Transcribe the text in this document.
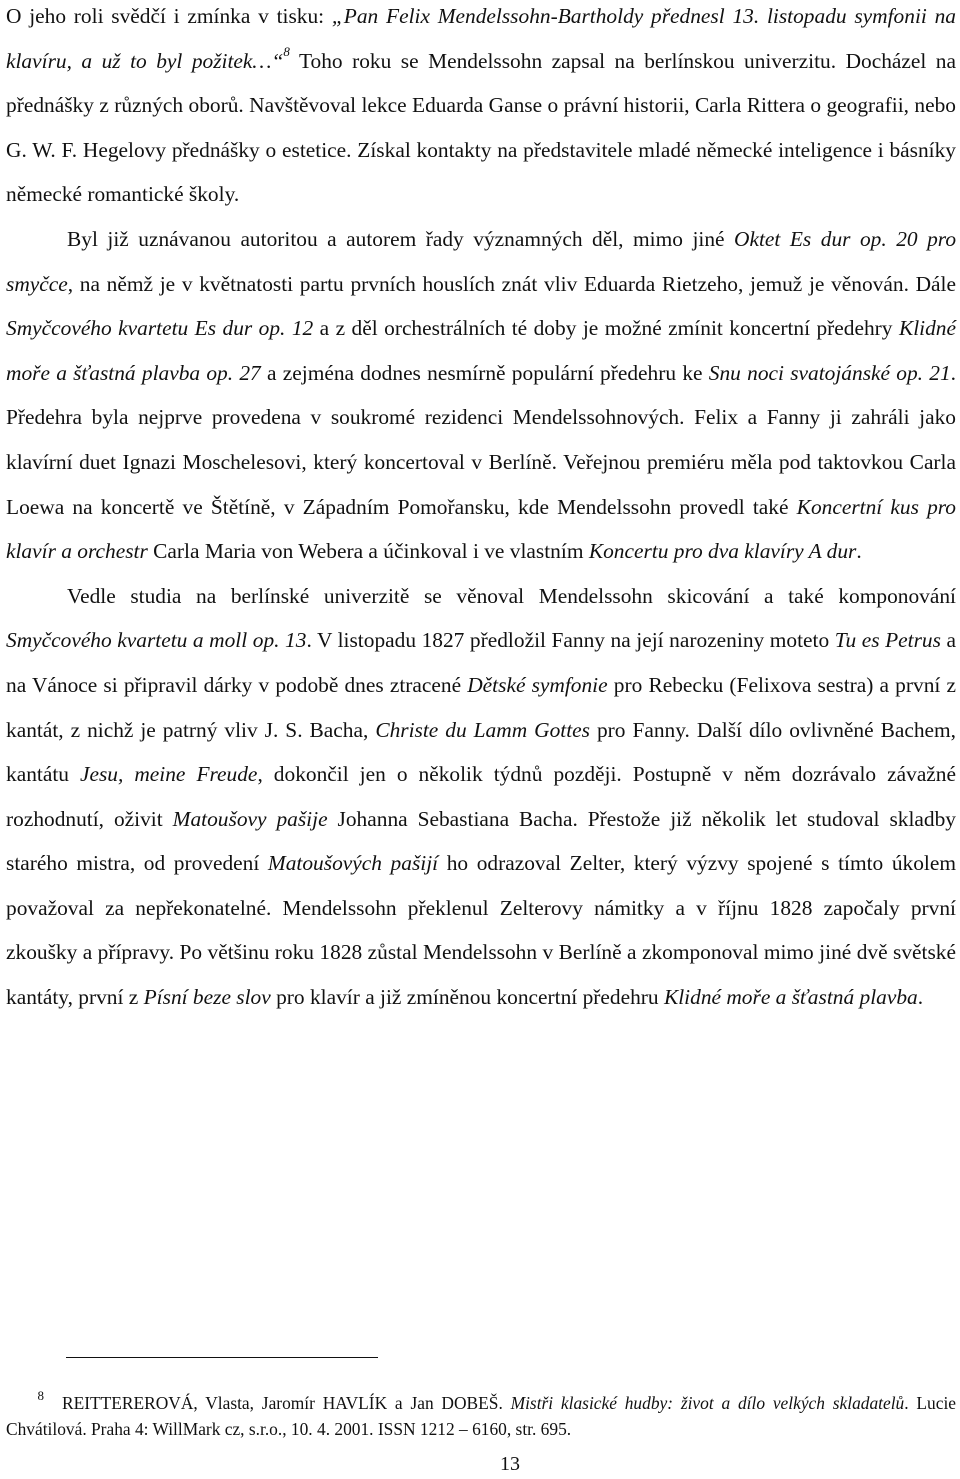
O jeho roli svědčí i zmínka v tisku: „Pan Felix Mendelssohn-Bartholdy přednesl 13. listopadu symfonii na klavíru, a už to byl požitek…“$^8$ Toho roku se Mendelssohn zapsal na berlínskou univerzitu. Docházel na přednášky z různých oborů. Navštěvoval lekce Eduarda Ganse o právní historii, Carla Rittera o geografii, nebo G. W. F. Hegelovy přednášky o estetice. Získal kontakty na představitele mladé německé inteligence i básníky německé romantické školy.

Byl již uznávanou autoritou a autorem řady významných děl, mimo jiné Oktet Es dur op. 20 pro smyčce, na němž je v květnatosti partu prvních houslích znát vliv Eduarda Rietzeho, jemuž je věnován. Dále Smyčcového kvartetu Es dur op. 12 a z děl orchestrálních té doby je možné zmínit koncertní předehry Klidné moře a šťastná plavba op. 27 a zejména dodnes nesmírně populární předehru ke Snu noci svatojánské op. 21. Předehra byla nejprve provedena v soukromé rezidenci Mendelssohnových. Felix a Fanny ji zahráli jako klavírní duet Ignazi Moschelesovi, který koncertoval v Berlíně. Veřejnou premiéru měla pod taktovkou Carla Loewa na koncertě ve Štětíně, v Západním Pomořansku, kde Mendelssohn provedl také Koncertní kus pro klavír a orchestr Carla Maria von Webera a účinkoval i ve vlastním Koncertu pro dva klavíry A dur.

Vedle studia na berlínské univerzitě se věnoval Mendelssohn skicování a také komponování Smyčcového kvartetu a moll op. 13. V listopadu 1827 předložil Fanny na její narozeniny moteto Tu es Petrus a na Vánoce si připravil dárky v podobě dnes ztracené Dětské symfonie pro Rebecku (Felixova sestra) a první z kantát, z nichž je patrný vliv J. S. Bacha, Christe du Lamm Gottes pro Fanny. Další dílo ovlivněné Bachem, kantátu Jesu, meine Freude, dokončil jen o několik týdnů později. Postupně v něm dozrávalo závažné rozhodnutí, oživit Matoušovy pašije Johanna Sebastiana Bacha. Přestože již několik let studoval skladby starého mistra, od provedení Matoušových pašijí ho odrazoval Zelter, který výzvy spojené s tímto úkolem považoval za nepřekonatelné. Mendelssohn překlenul Zelterovy námitky a v říjnu 1828 započaly první zkoušky a přípravy. Po většinu roku 1828 zůstal Mendelssohn v Berlíně a zkomponoval mimo jiné dvě světské kantáty, první z Písní beze slov pro klavír a již zmíněnou koncertní předehru Klidné moře a šťastná plavba.

8 REITTEREROVÁ, Vlasta, Jaromír HAVLÍK a Jan DOBEŠ. Mistři klasické hudby: život a dílo velkých skladatelů. Lucie Chvátilová. Praha 4: WillMark cz, s.r.o., 10. 4. 2001. ISSN 1212 – 6160, str. 695.

13
